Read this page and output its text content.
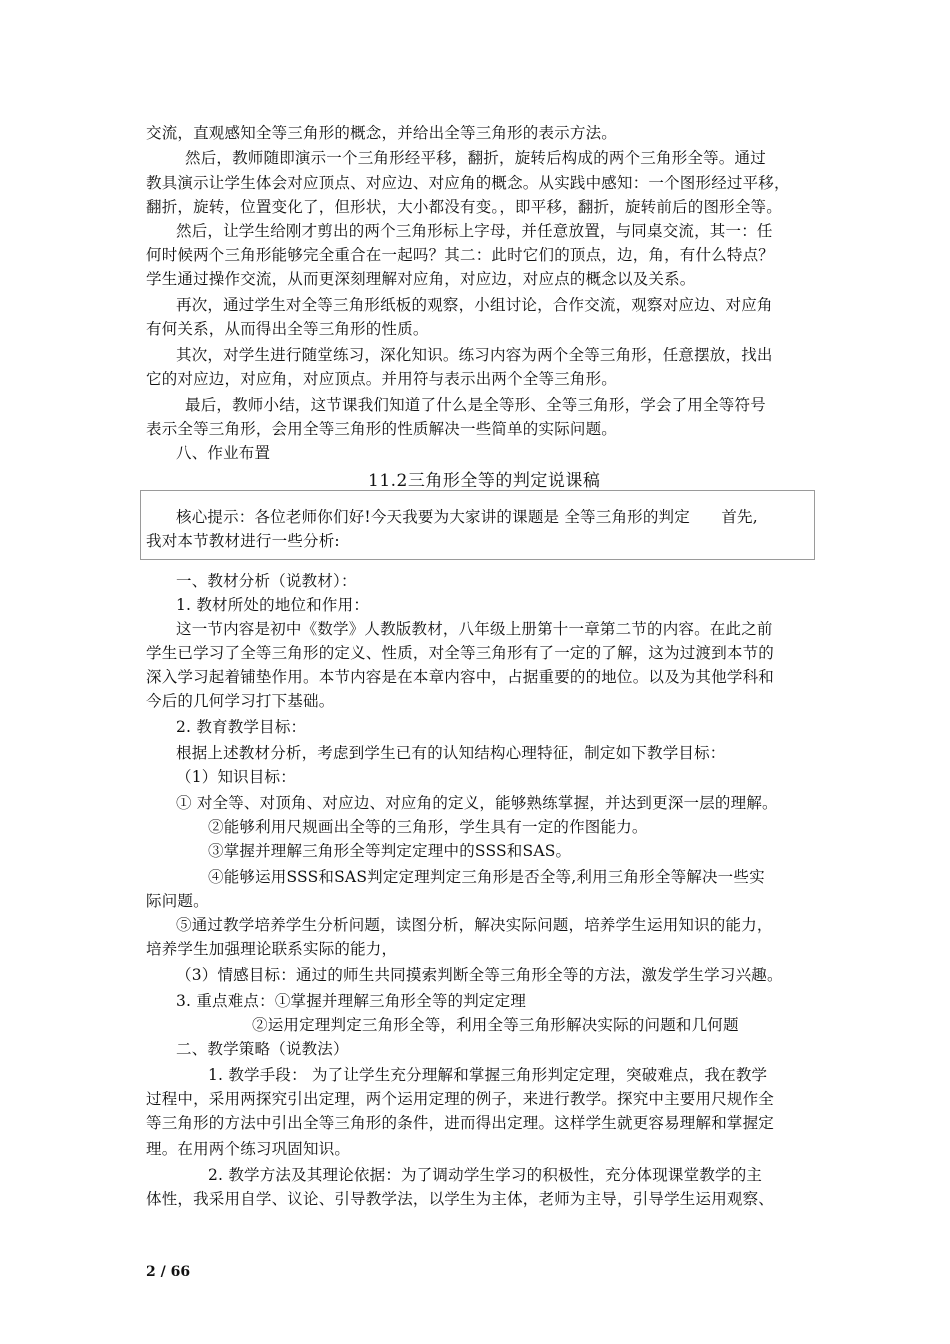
交流，直观感知全等三角形的概念，并给出全等三角形的表示方法。
然后，教师随即演示一个三角形经平移，翻折，旋转后构成的两个三角形全等。通过
教具演示让学生体会对应顶点、对应边、对应角的概念。从实践中感知：一个图形经过平移，
翻折，旋转，位置变化了，但形状，大小都没有变。，即平移，翻折，旋转前后的图形全等。
然后，让学生给刚才剪出的两个三角形标上字母，并任意放置，与同桌交流，其一：任
何时候两个三角形能够完全重合在一起吗？其二：此时它们的顶点，边，角，有什么特点？
学生通过操作交流，从而更深刻理解对应角，对应边，对应点的概念以及关系。
再次，通过学生对全等三角形纸板的观察，小组讨论，合作交流，观察对应边、对应角
有何关系，从而得出全等三角形的性质。
其次，对学生进行随堂练习，深化知识。练习内容为两个全等三角形，任意摆放，找出
它的对应边，对应角，对应顶点。并用符与表示出两个全等三角形。
最后，教师小结，这节课我们知道了什么是全等形、全等三角形，学会了用全等符号
表示全等三角形，会用全等三角形的性质解决一些简单的实际问题。
八、作业布置
11.2三角形全等的判定说课稿
核心提示：各位老师你们好!今天我要为大家讲的课题是 全等三角形的判定　　首先,
我对本节教材进行一些分析:
一、教材分析（说教材）：
1. 教材所处的地位和作用：
这一节内容是初中《数学》人教版教材，八年级上册第十一章第二节的内容。在此之前
学生已学习了全等三角形的定义、性质，对全等三角形有了一定的了解，这为过渡到本节的
深入学习起着铺垫作用。本节内容是在本章内容中，占据重要的的地位。以及为其他学科和
今后的几何学习打下基础。
2. 教育教学目标：
根据上述教材分析，考虑到学生已有的认知结构心理特征，制定如下教学目标：
（1）知识目标：
① 对全等、对顶角、对应边、对应角的定义，能够熟练掌握，并达到更深一层的理解。
②能够利用尺规画出全等的三角形，学生具有一定的作图能力。
③掌握并理解三角形全等判定定理中的SSS和SAS。
④能够运用SSS和SAS判定定理判定三角形是否全等,利用三角形全等解决一些实
际问题。
⑤通过教学培养学生分析问题，读图分析，解决实际问题，培养学生运用知识的能力，
培养学生加强理论联系实际的能力，
（3）情感目标：通过的师生共同摸索判断全等三角形全等的方法，激发学生学习兴趣。
3. 重点难点：①掌握并理解三角形全等的判定定理
②运用定理判定三角形全等，利用全等三角形解决实际的问题和几何题
二、教学策略（说教法）
1. 教学手段： 为了让学生充分理解和掌握三角形判定定理，突破难点，我在教学
过程中，采用两探究引出定理，两个运用定理的例子，来进行教学。探究中主要用尺规作全
等三角形的方法中引出全等三角形的条件，进而得出定理。这样学生就更容易理解和掌握定
理。在用两个练习巩固知识。
2. 教学方法及其理论依据：为了调动学生学习的积极性，充分体现课堂教学的主
体性，我采用自学、议论、引导教学法，以学生为主体，老师为主导，引导学生运用观察、
2 / 66
